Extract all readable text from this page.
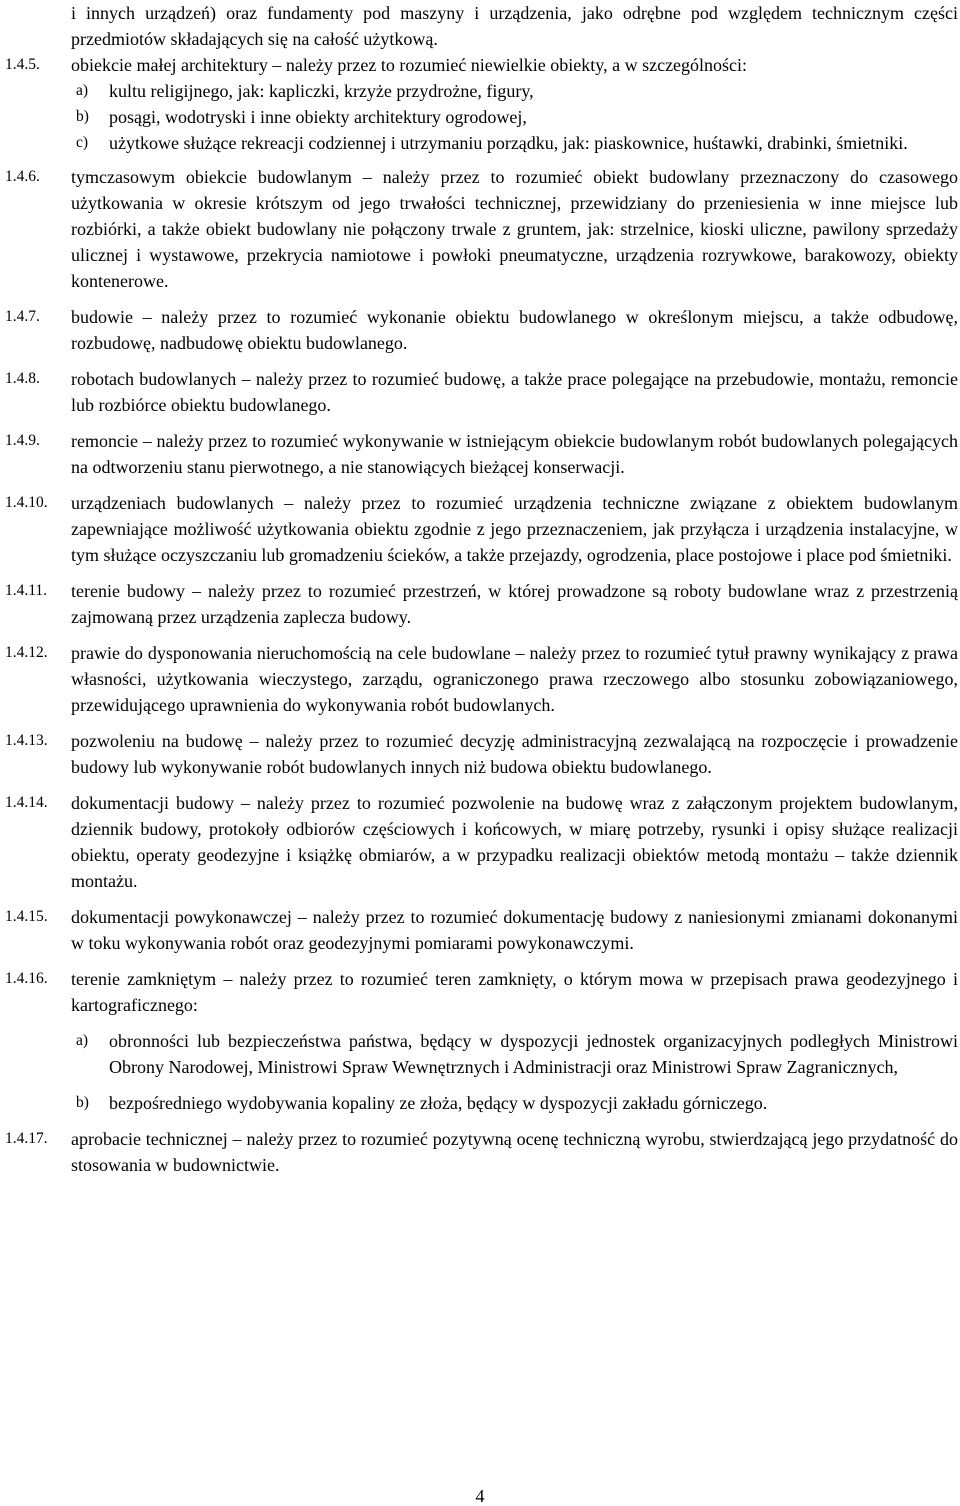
i innych urządzeń) oraz fundamenty pod maszyny i urządzenia, jako odrębne pod względem technicznym części przedmiotów składających się na całość użytkową.
1.4.5. obiekcie małej architektury – należy przez to rozumieć niewielkie obiekty, a w szczególności:
a) kultu religijnego, jak: kapliczki, krzyże przydrożne, figury,
b) posągi, wodotryski i inne obiekty architektury ogrodowej,
c) użytkowe służące rekreacji codziennej i utrzymaniu porządku, jak: piaskownice, huśtawki, drabinki, śmietniki.
1.4.6. tymczasowym obiekcie budowlanym – należy przez to rozumieć obiekt budowlany przeznaczony do czasowego użytkowania w okresie krótszym od jego trwałości technicznej, przewidziany do przeniesienia w inne miejsce lub rozbiórki, a także obiekt budowlany nie połączony trwale z gruntem, jak: strzelnice, kioski uliczne, pawilony sprzedaży ulicznej i wystawowe, przekrycia namiotowe i powłoki pneumatyczne, urządzenia rozrywkowe, barakowozy, obiekty kontenerowe.
1.4.7. budowie – należy przez to rozumieć wykonanie obiektu budowlanego w określonym miejscu, a także odbudowę, rozbudowę, nadbudowę obiektu budowlanego.
1.4.8. robotach budowlanych – należy przez to rozumieć budowę, a także prace polegające na przebudowie, montażu, remoncie lub rozbiórce obiektu budowlanego.
1.4.9. remoncie – należy przez to rozumieć wykonywanie w istniejącym obiekcie budowlanym robót budowlanych polegających na odtworzeniu stanu pierwotnego, a nie stanowiących bieżącej konserwacji.
1.4.10. urządzeniach budowlanych – należy przez to rozumieć urządzenia techniczne związane z obiektem budowlanym zapewniające możliwość użytkowania obiektu zgodnie z jego przeznaczeniem, jak przyłącza i urządzenia instalacyjne, w tym służące oczyszczaniu lub gromadzeniu ścieków, a także przejazdy, ogrodzenia, place postojowe i place pod śmietniki.
1.4.11. terenie budowy – należy przez to rozumieć przestrzeń, w której prowadzone są roboty budowlane wraz z przestrzenią zajmowaną przez urządzenia zaplecza budowy.
1.4.12. prawie do dysponowania nieruchomością na cele budowlane – należy przez to rozumieć tytuł prawny wynikający z prawa własności, użytkowania wieczystego, zarządu, ograniczonego prawa rzeczowego albo stosunku zobowiązaniowego, przewidującego uprawnienia do wykonywania robót budowlanych.
1.4.13. pozwoleniu na budowę – należy przez to rozumieć decyzję administracyjną zezwalającą na rozpoczęcie i prowadzenie budowy lub wykonywanie robót budowlanych innych niż budowa obiektu budowlanego.
1.4.14. dokumentacji budowy – należy przez to rozumieć pozwolenie na budowę wraz z załączonym projektem budowlanym, dziennik budowy, protokoły odbiorów częściowych i końcowych, w miarę potrzeby, rysunki i opisy służące realizacji obiektu, operaty geodezyjne i książkę obmiarów, a w przypadku realizacji obiektów metodą montażu – także dziennik montażu.
1.4.15. dokumentacji powykonawczej – należy przez to rozumieć dokumentację budowy z naniesionymi zmianami dokonanymi w toku wykonywania robót oraz geodezyjnymi pomiarami powykonawczymi.
1.4.16. terenie zamkniętym – należy przez to rozumieć teren zamknięty, o którym mowa w przepisach prawa geodezyjnego i kartograficznego:
a) obronności lub bezpieczeństwa państwa, będący w dyspozycji jednostek organizacyjnych podległych Ministrowi Obrony Narodowej, Ministrowi Spraw Wewnętrznych i Administracji oraz Ministrowi Spraw Zagranicznych,
b) bezpośredniego wydobywania kopaliny ze złoża, będący w dyspozycji zakładu górniczego.
1.4.17. aprobacie technicznej – należy przez to rozumieć pozytywną ocenę techniczną wyrobu, stwierdzającą jego przydatność do stosowania w budownictwie.
4
